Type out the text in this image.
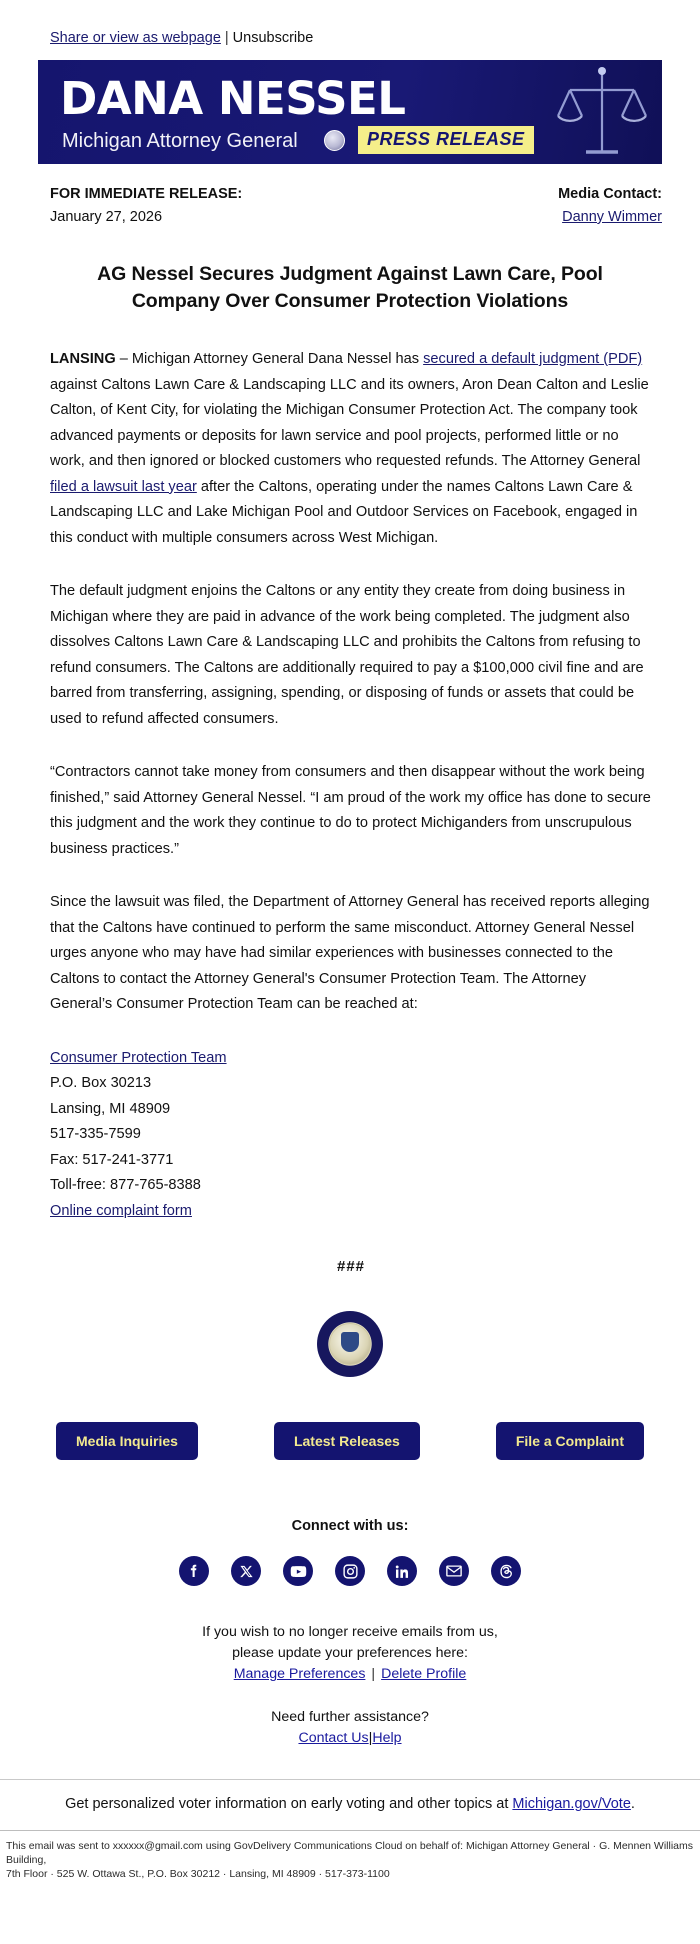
Share or view as webpage | Unsubscribe
DANA NESSEL
Michigan Attorney General	PRESS RELEASE
FOR IMMEDIATE RELEASE:
January 27, 2026
Media Contact:
Danny Wimmer
AG Nessel Secures Judgment Against Lawn Care, Pool Company Over Consumer Protection Violations

LANSING – Michigan Attorney General Dana Nessel has secured a default judgment (PDF) against Caltons Lawn Care & Landscaping LLC and its owners, Aron Dean Calton and Leslie Calton, of Kent City, for violating the Michigan Consumer Protection Act. The company took advanced payments or deposits for lawn service and pool projects, performed little or no work, and then ignored or blocked customers who requested refunds. The Attorney General filed a lawsuit last year after the Caltons, operating under the names Caltons Lawn Care & Landscaping LLC and Lake Michigan Pool and Outdoor Services on Facebook, engaged in this conduct with multiple consumers across West Michigan.

The default judgment enjoins the Caltons or any entity they create from doing business in Michigan where they are paid in advance of the work being completed. The judgment also dissolves Caltons Lawn Care & Landscaping LLC and prohibits the Caltons from refusing to refund consumers. The Caltons are additionally required to pay a $100,000 civil fine and are barred from transferring, assigning, spending, or disposing of funds or assets that could be used to refund affected consumers.

“Contractors cannot take money from consumers and then disappear without the work being finished,” said Attorney General Nessel. “I am proud of the work my office has done to secure this judgment and the work they continue to do to protect Michiganders from unscrupulous business practices.”

Since the lawsuit was filed, the Department of Attorney General has received reports alleging that the Caltons have continued to perform the same misconduct. Attorney General Nessel urges anyone who may have had similar experiences with businesses connected to the Caltons to contact the Attorney General's Consumer Protection Team. The Attorney General’s Consumer Protection Team can be reached at:

Consumer Protection Team
P.O. Box 30213
Lansing, MI 48909
517-335-7599
Fax: 517-241-3771
Toll-free: 877-765-8388
Online complaint form
###
Media Inquiries	Latest Releases	File a Complaint
Connect with us:
If you wish to no longer receive emails from us,
please update your preferences here:
Manage Preferences | Delete Profile
Need further assistance?
Contact Us|Help
Get personalized voter information on early voting and other topics at Michigan.gov/Vote.
This email was sent to xxxxxx@gmail.com using GovDelivery Communications Cloud on behalf of: Michigan Attorney General · G. Mennen Williams Building,
7th Floor · 525 W. Ottawa St., P.O. Box 30212 · Lansing, MI 48909 · 517-373-1100
